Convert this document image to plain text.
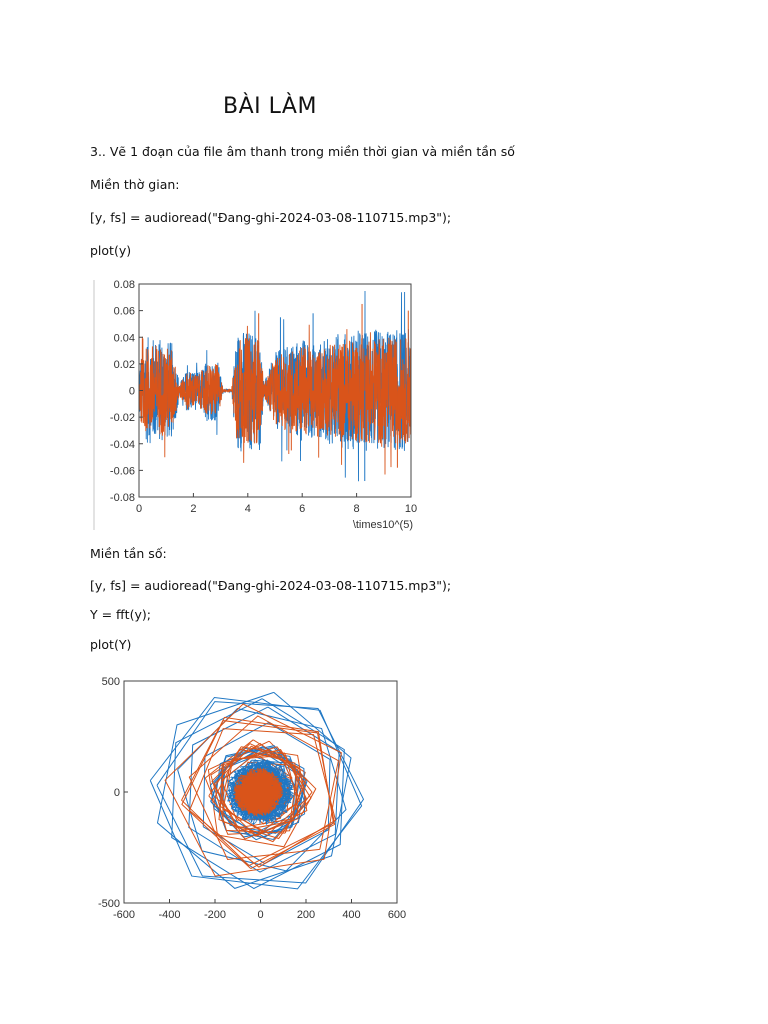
BÀI LÀM
3.. Vẽ 1 đoạn của file âm thanh trong miền thời gian và miền tần số
Miền thờ gian:
[y, fs] = audioread("Đang-ghi-2024-03-08-110715.mp3");
plot(y)
0.08
0.06
0.04
0.02
0
-0.02
-0.04
-0.06
-0.08
0	2	4	6	8	10
\times10^(5)
Miền tần số:
[y, fs] = audioread("Đang-ghi-2024-03-08-110715.mp3");
Y = fft(y);
plot(Y)
500
0
-500
-600 -400 -200	0	200 400 600
